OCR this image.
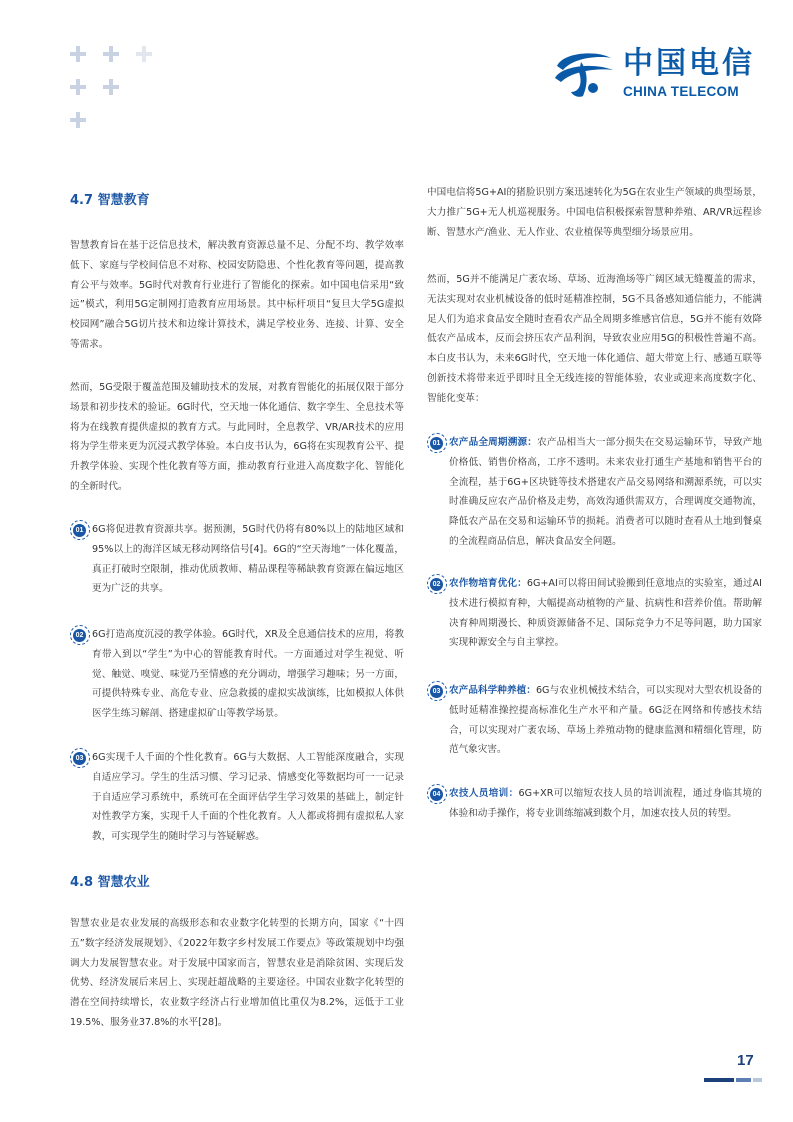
中国电信
CHINA TELECOM
4.7 智慧教育

智慧教育旨在基于泛信息技术，解决教育资源总量不足、分配不均、教学效率低下、家庭与学校间信息不对称、校园安防隐患、个性化教育等问题，提高教育公平与效率。5G时代对教育行业进行了智能化的探索。如中国电信采用“致远”模式，利用5G定制网打造教育应用场景。其中标杆项目“复旦大学5G虚拟校园网”融合5G切片技术和边缘计算技术，满足学校业务、连接、计算、安全等需求。

然而，5G受限于覆盖范围及辅助技术的发展，对教育智能化的拓展仅限于部分场景和初步技术的验证。6G时代，空天地一体化通信、数字孪生、全息技术等将为在线教育提供虚拟的教育方式。与此同时，全息教学、VR/AR技术的应用将为学生带来更为沉浸式教学体验。本白皮书认为，6G将在实现教育公平、提升教学体验、实现个性化教育等方面，推动教育行业进入高度数字化、智能化的全新时代。

01 6G将促进教育资源共享。据预测，5G时代仍将有80%以上的陆地区域和95%以上的海洋区域无移动网络信号[4]。6G的“空天海地”一体化覆盖，真正打破时空限制，推动优质教师、精品课程等稀缺教育资源在偏远地区更为广泛的共享。

02 6G打造高度沉浸的教学体验。6G时代，XR及全息通信技术的应用，将教育带入到以“学生”为中心的智能教育时代。一方面通过对学生视觉、听觉、触觉、嗅觉、味觉乃至情感的充分调动，增强学习趣味；另一方面，可提供特殊专业、高危专业、应急救援的虚拟实战演练，比如模拟人体供医学生练习解剖、搭建虚拟矿山等教学场景。

03 6G实现千人千面的个性化教育。6G与大数据、人工智能深度融合，实现自适应学习。学生的生活习惯、学习记录、情感变化等数据均可一一记录于自适应学习系统中，系统可在全面评估学生学习效果的基础上，制定针对性教学方案，实现千人千面的个性化教育。人人都或将拥有虚拟私人家教，可实现学生的随时学习与答疑解惑。

4.8 智慧农业

智慧农业是农业发展的高级形态和农业数字化转型的长期方向，国家《“十四五”数字经济发展规划》、《2022年数字乡村发展工作要点》等政策规划中均强调大力发展智慧农业。对于发展中国家而言，智慧农业是消除贫困、实现后发优势、经济发展后来居上、实现赶超战略的主要途径。中国农业数字化转型的潜在空间持续增长，农业数字经济占行业增加值比重仅为8.2%，远低于工业19.5%、服务业37.8%的水平[28]。

中国电信将5G+AI的猪脸识别方案迅速转化为5G在农业生产领域的典型场景，大力推广5G+无人机巡视服务。中国电信积极探索智慧种养殖、AR/VR远程诊断、智慧水产/渔业、无人作业、农业植保等典型细分场景应用。

然而，5G并不能满足广袤农场、草场、近海渔场等广阔区域无缝覆盖的需求，无法实现对农业机械设备的低时延精准控制，5G不具备感知通信能力，不能满足人们为追求食品安全随时查看农产品全周期多维感官信息，5G并不能有效降低农产品成本，反而会挤压农产品利润，导致农业应用5G的积极性普遍不高。本白皮书认为，未来6G时代，空天地一体化通信、超大带宽上行、感通互联等创新技术将带来近乎即时且全无线连接的智能体验，农业或迎来高度数字化、智能化变革：

01 农产品全周期溯源：农产品相当大一部分损失在交易运输环节，导致产地价格低、销售价格高，工序不透明。未来农业打通生产基地和销售平台的全流程，基于6G+区块链等技术搭建农产品交易网络和溯源系统，可以实时准确反应农产品价格及走势，高效沟通供需双方，合理调度交通物流，降低农产品在交易和运输环节的损耗。消费者可以随时查看从土地到餐桌的全流程商品信息，解决食品安全问题。

02 农作物培育优化：6G+AI可以将田间试验搬到任意地点的实验室，通过AI技术进行模拟育种，大幅提高动植物的产量、抗病性和营养价值。帮助解决育种周期漫长、种质资源储备不足、国际竞争力不足等问题，助力国家实现种源安全与自主掌控。

03 农产品科学种养植：6G与农业机械技术结合，可以实现对大型农机设备的低时延精准操控提高标准化生产水平和产量。6G泛在网络和传感技术结合，可以实现对广袤农场、草场上养殖动物的健康监测和精细化管理，防范气象灾害。

04 农技人员培训：6G+XR可以缩短农技人员的培训流程，通过身临其境的体验和动手操作，将专业训练缩减到数个月，加速农技人员的转型。

17
